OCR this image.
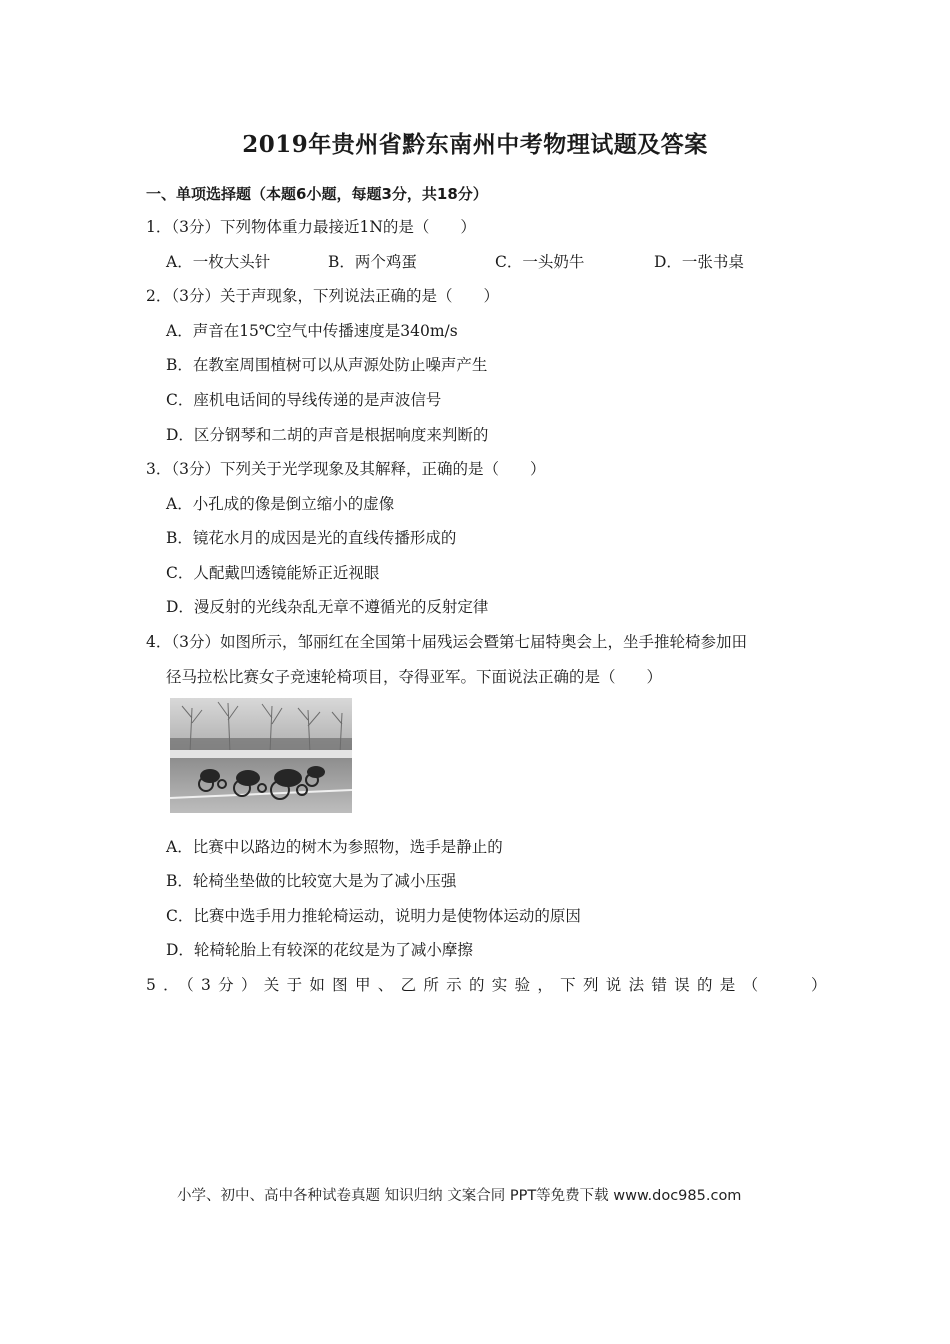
2019年贵州省黔东南州中考物理试题及答案
一、单项选择题（本题6小题，每题3分，共18分）
1．（3分）下列物体重力最接近1N的是（　　）
A．一枚大头针	B．两个鸡蛋	C．一头奶牛	D．一张书桌
2．（3分）关于声现象，下列说法正确的是（　　）
A．声音在15℃空气中传播速度是340m/s
B．在教室周围植树可以从声源处防止噪声产生
C．座机电话间的导线传递的是声波信号
D．区分钢琴和二胡的声音是根据响度来判断的
3．（3分）下列关于光学现象及其解释，正确的是（　　）
A．小孔成的像是倒立缩小的虚像
B．镜花水月的成因是光的直线传播形成的
C．人配戴凹透镜能矫正近视眼
D．漫反射的光线杂乱无章不遵循光的反射定律
4．（3分）如图所示，邹丽红在全国第十届残运会暨第七届特奥会上，坐手推轮椅参加田
径马拉松比赛女子竞速轮椅项目，夺得亚军。下面说法正确的是（　　）
A．比赛中以路边的树木为参照物，选手是静止的
B．轮椅坐垫做的比较宽大是为了减小压强
C．比赛中选手用力推轮椅运动，说明力是使物体运动的原因
D．轮椅轮胎上有较深的花纹是为了减小摩擦
5．（3分）关于如图甲、乙所示的实验，下列说法错误的是（　　）
小学、初中、高中各种试卷真题 知识归纳 文案合同 PPT等免费下载 www.doc985.com
